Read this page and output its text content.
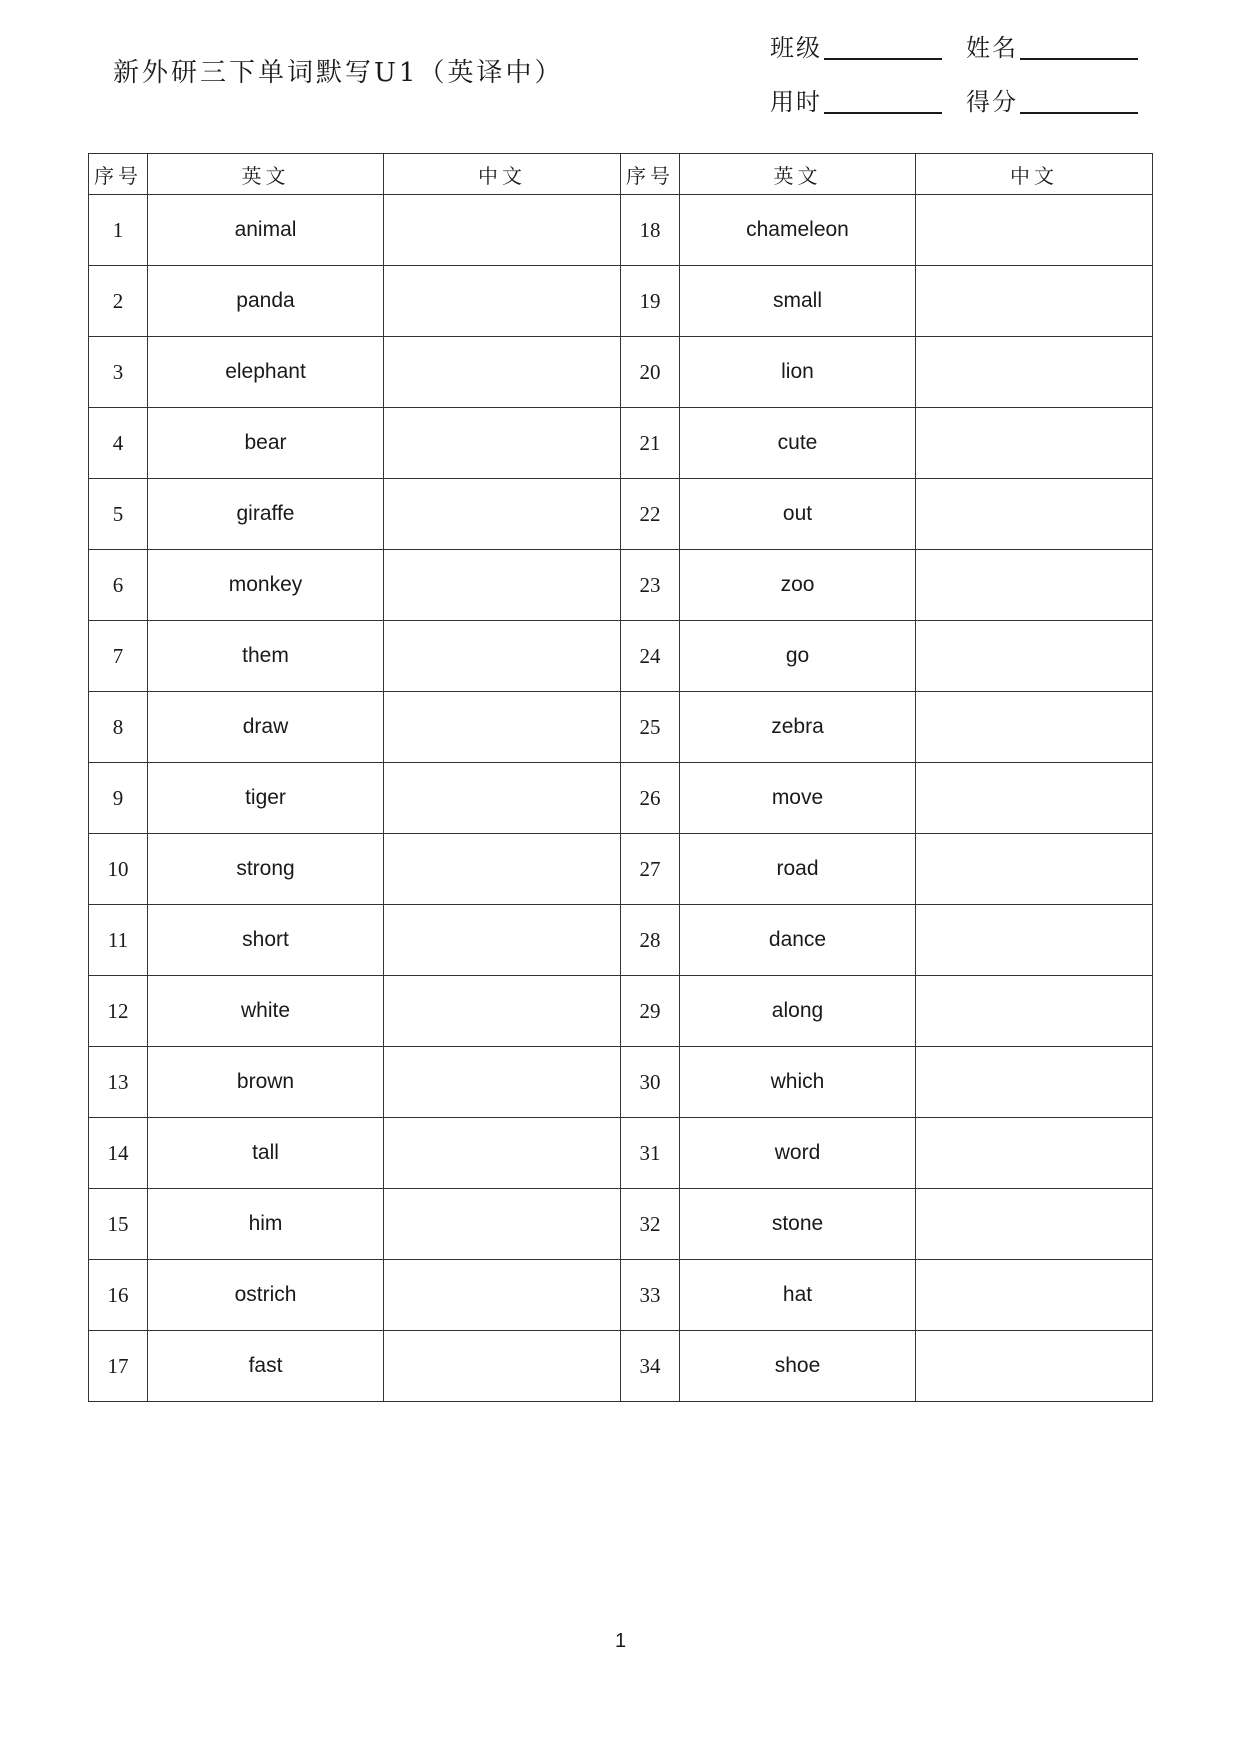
新外研三下单词默写U1（英译中）
班级	姓名
用时	得分
序号	英文	中文	序号	英文	中文
1	animal		18	chameleon	
2	panda		19	small	
3	elephant		20	lion	
4	bear		21	cute	
5	giraffe		22	out	
6	monkey		23	zoo	
7	them		24	go	
8	draw		25	zebra	
9	tiger		26	move	
10	strong		27	road	
11	short		28	dance	
12	white		29	along	
13	brown		30	which	
14	tall		31	word	
15	him		32	stone	
16	ostrich		33	hat	
17	fast		34	shoe	
1
